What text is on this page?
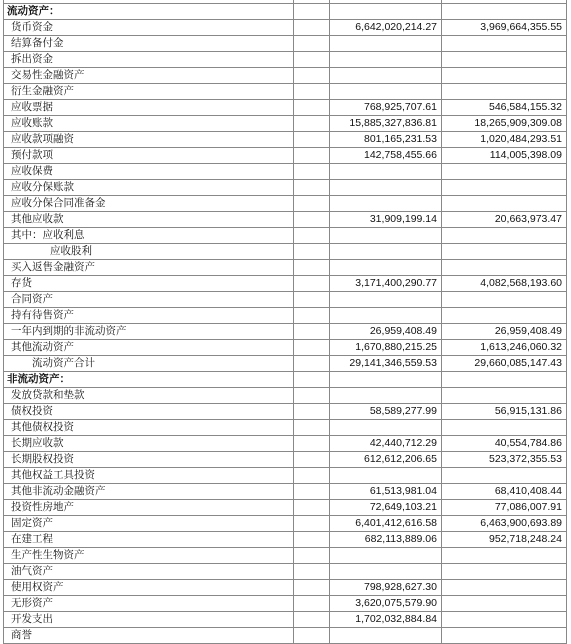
流动资产：			
货币资金		6,642,020,214.27	3,969,664,355.55
结算备付金			
拆出资金			
交易性金融资产			
衍生金融资产			
应收票据		768,925,707.61	546,584,155.32
应收账款		15,885,327,836.81	18,265,909,309.08
应收款项融资		801,165,231.53	1,020,484,293.51
预付款项		142,758,455.66	114,005,398.09
应收保费			
应收分保账款			
应收分保合同准备金			
其他应收款		31,909,199.14	20,663,973.47
其中：应收利息			
应收股利			
买入返售金融资产			
存货		3,171,400,290.77	4,082,568,193.60
合同资产			
持有待售资产			
一年内到期的非流动资产		26,959,408.49	26,959,408.49
其他流动资产		1,670,880,215.25	1,613,246,060.32
流动资产合计		29,141,346,559.53	29,660,085,147.43
非流动资产：			
发放贷款和垫款			
债权投资		58,589,277.99	56,915,131.86
其他债权投资			
长期应收款		42,440,712.29	40,554,784.86
长期股权投资		612,612,206.65	523,372,355.53
其他权益工具投资			
其他非流动金融资产		61,513,981.04	68,410,408.44
投资性房地产		72,649,103.21	77,086,007.91
固定资产		6,401,412,616.58	6,463,900,693.89
在建工程		682,113,889.06	952,718,248.24
生产性生物资产			
油气资产			
使用权资产		798,928,627.30	
无形资产		3,620,075,579.90	
开发支出		1,702,032,884.84	
商誉			
